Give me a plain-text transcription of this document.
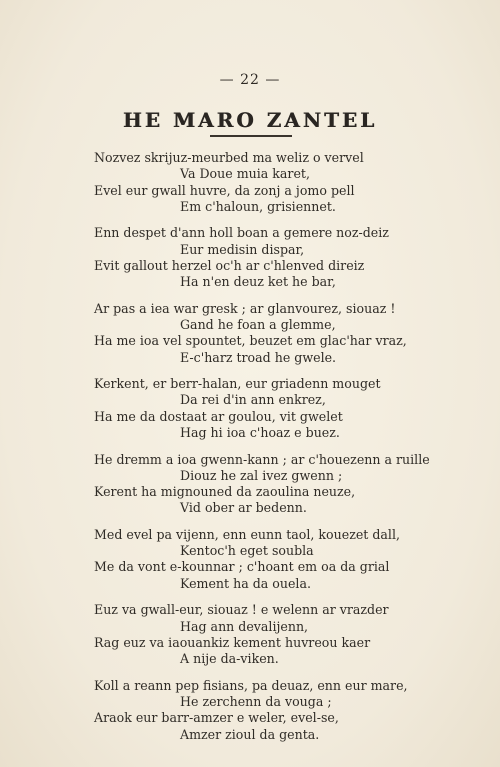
— 22 —
HE MARO ZANTEL
Nozvez skrijuz-meurbed ma weliz o vervel
Va Doue muia karet,
Evel eur gwall huvre, da zonj a jomo pell
Em c'haloun, grisiennet.
Enn despet d'ann holl boan a gemere noz-deiz
Eur medisin dispar,
Evit gallout herzel oc'h ar c'hlenved direiz
Ha n'en deuz ket he bar,
Ar pas a iea war gresk ; ar glanvourez, siouaz !
Gand he foan a glemme,
Ha me ioa vel spountet, beuzet em glac'har vraz,
E-c'harz troad he gwele.
Kerkent, er berr-halan, eur griadenn mouget
Da rei d'in ann enkrez,
Ha me da dostaat ar goulou, vit gwelet
Hag hi ioa c'hoaz e buez.
He dremm a ioa gwenn-kann ; ar c'houezenn a ruille
Diouz he zal ivez gwenn ;
Kerent ha mignouned da zaoulina neuze,
Vid ober ar bedenn.
Med evel pa vijenn, enn eunn taol, kouezet dall,
Kentoc'h eget soubla
Me da vont e-kounnar ; c'hoant em oa da grial
Kement ha da ouela.
Euz va gwall-eur, siouaz ! e welenn ar vrazder
Hag ann devalijenn,
Rag euz va iaouankiz kement huvreou kaer
A nije da-viken.
Koll a reann pep fisians, pa deuaz, enn eur mare,
He zerchenn da vouga ;
Araok eur barr-amzer e weler, evel-se,
Amzer zioul da genta.
